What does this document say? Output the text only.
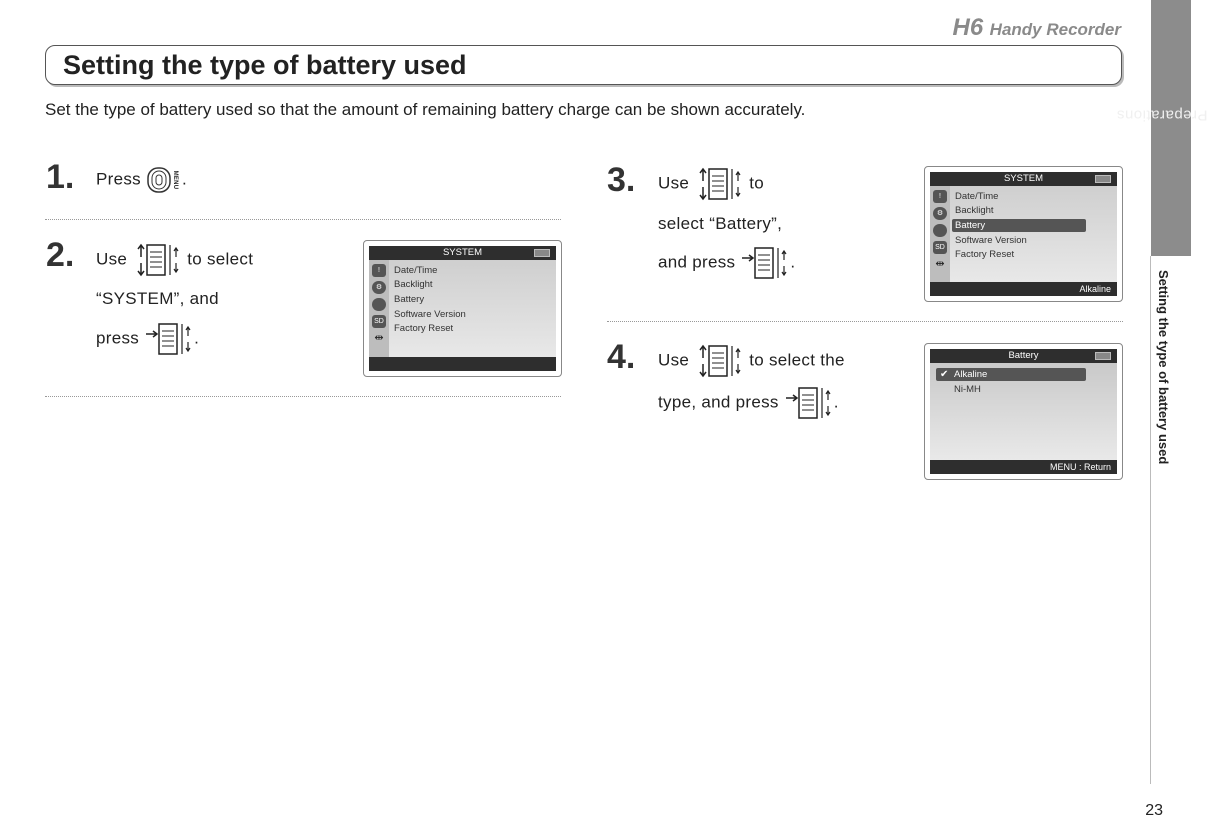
H6 Handy Recorder
Setting the type of battery used
Set the type of battery used so that the amount of remaining battery charge can be shown accurately.	Preparations
Setting the type of battery used
23
1. Press	MENU .
2. Use	to select
“SYSTEM”, and
press	.
SYSTEM
!
⚙
SD
⇹
Date/Time
Backlight
Battery
Software Version
Factory Reset
3. Use	to
select “Battery”,
and press	.
SYSTEM
!
⚙
SD
⇹
Date/Time
Backlight
Battery
Software Version
Factory Reset
Alkaline
4. Use	to select the
type, and press	.
Battery
✔ Alkaline
Ni-MH
MENU : Return
